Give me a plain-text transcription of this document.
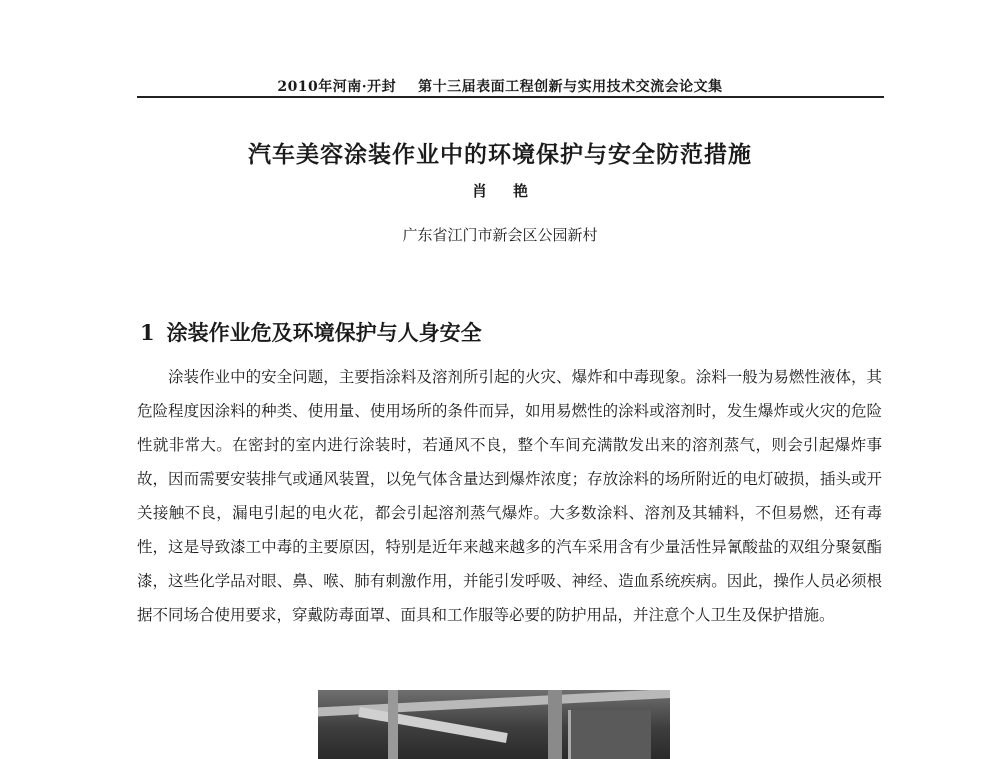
2010年河南·开封 第十三届表面工程创新与实用技术交流会论文集
汽车美容涂装作业中的环境保护与安全防范措施
肖艳
广东省江门市新会区公园新村
1 涂装作业危及环境保护与人身安全
涂装作业中的安全问题，主要指涂料及溶剂所引起的火灾、爆炸和中毒现象。涂料一般为易燃性液体，其危险程度因涂料的种类、使用量、使用场所的条件而异，如用易燃性的涂料或溶剂时，发生爆炸或火灾的危险性就非常大。在密封的室内进行涂装时，若通风不良，整个车间充满散发出来的溶剂蒸气，则会引起爆炸事故，因而需要安装排气或通风装置，以免气体含量达到爆炸浓度；存放涂料的场所附近的电灯破损，插头或开关接触不良，漏电引起的电火花，都会引起溶剂蒸气爆炸。大多数涂料、溶剂及其辅料，不但易燃，还有毒性，这是导致漆工中毒的主要原因，特别是近年来越来越多的汽车采用含有少量活性异氰酸盐的双组分聚氨酯漆，这些化学品对眼、鼻、喉、肺有刺激作用，并能引发呼吸、神经、造血系统疾病。因此，操作人员必须根据不同场合使用要求，穿戴防毒面罩、面具和工作服等必要的防护用品，并注意个人卫生及保护措施。
